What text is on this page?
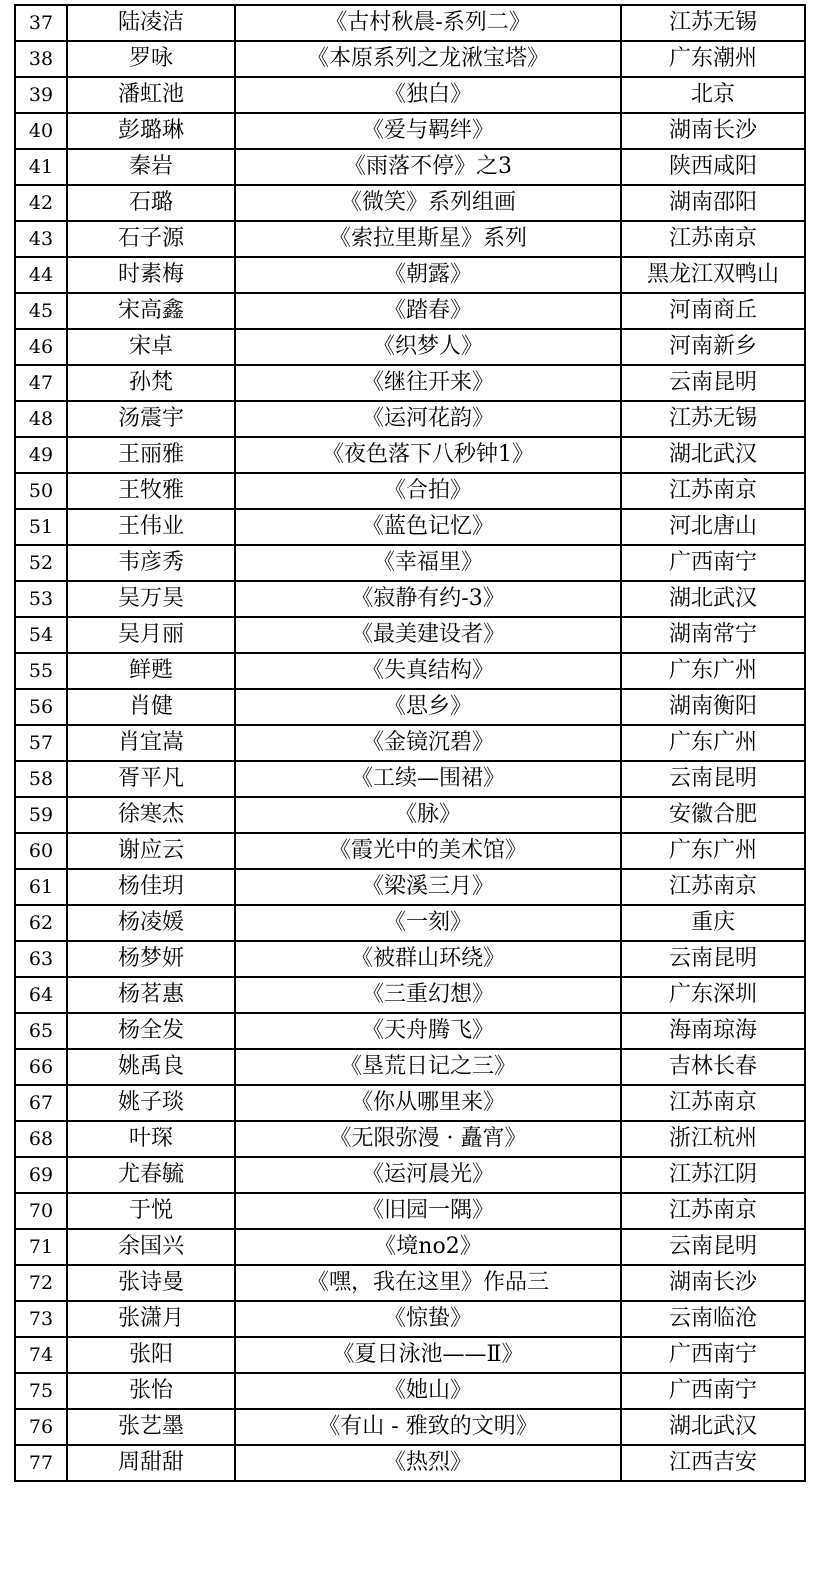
37	陆凌洁	《古村秋晨-系列二》	江苏无锡
38	罗咏	《本原系列之龙湫宝塔》	广东潮州
39	潘虹池	《独白》	北京
40	彭璐琳	《爱与羁绊》	湖南长沙
41	秦岩	《雨落不停》之3	陕西咸阳
42	石璐	《微笑》系列组画	湖南邵阳
43	石子源	《索拉里斯星》系列	江苏南京
44	时素梅	《朝露》	黑龙江双鸭山
45	宋高鑫	《踏春》	河南商丘
46	宋卓	《织梦人》	河南新乡
47	孙梵	《继往开来》	云南昆明
48	汤震宇	《运河花韵》	江苏无锡
49	王丽雅	《夜色落下八秒钟1》	湖北武汉
50	王牧雅	《合拍》	江苏南京
51	王伟业	《蓝色记忆》	河北唐山
52	韦彦秀	《幸福里》	广西南宁
53	吴万昊	《寂静有约-3》	湖北武汉
54	吴月丽	《最美建设者》	湖南常宁
55	鲜甦	《失真结构》	广东广州
56	肖健	《思乡》	湖南衡阳
57	肖宜嵩	《金镜沉碧》	广东广州
58	胥平凡	《工续—围裙》	云南昆明
59	徐寒杰	《脉》	安徽合肥
60	谢应云	《霞光中的美术馆》	广东广州
61	杨佳玥	《梁溪三月》	江苏南京
62	杨凌媛	《一刻》	重庆
63	杨梦妍	《被群山环绕》	云南昆明
64	杨茗惠	《三重幻想》	广东深圳
65	杨全发	《天舟腾飞》	海南琼海
66	姚禹良	《垦荒日记之三》	吉林长春
67	姚子琰	《你从哪里来》	江苏南京
68	叶琛	《无限弥漫 · 矗宵》	浙江杭州
69	尤春毓	《运河晨光》	江苏江阴
70	于悦	《旧园一隅》	江苏南京
71	余国兴	《境no2》	云南昆明
72	张诗曼	《嘿，我在这里》作品三	湖南长沙
73	张潇月	《惊蛰》	云南临沧
74	张阳	《夏日泳池——Ⅱ》	广西南宁
75	张怡	《她山》	广西南宁
76	张艺墨	《有山 - 雅致的文明》	湖北武汉
77	周甜甜	《热烈》	江西吉安
